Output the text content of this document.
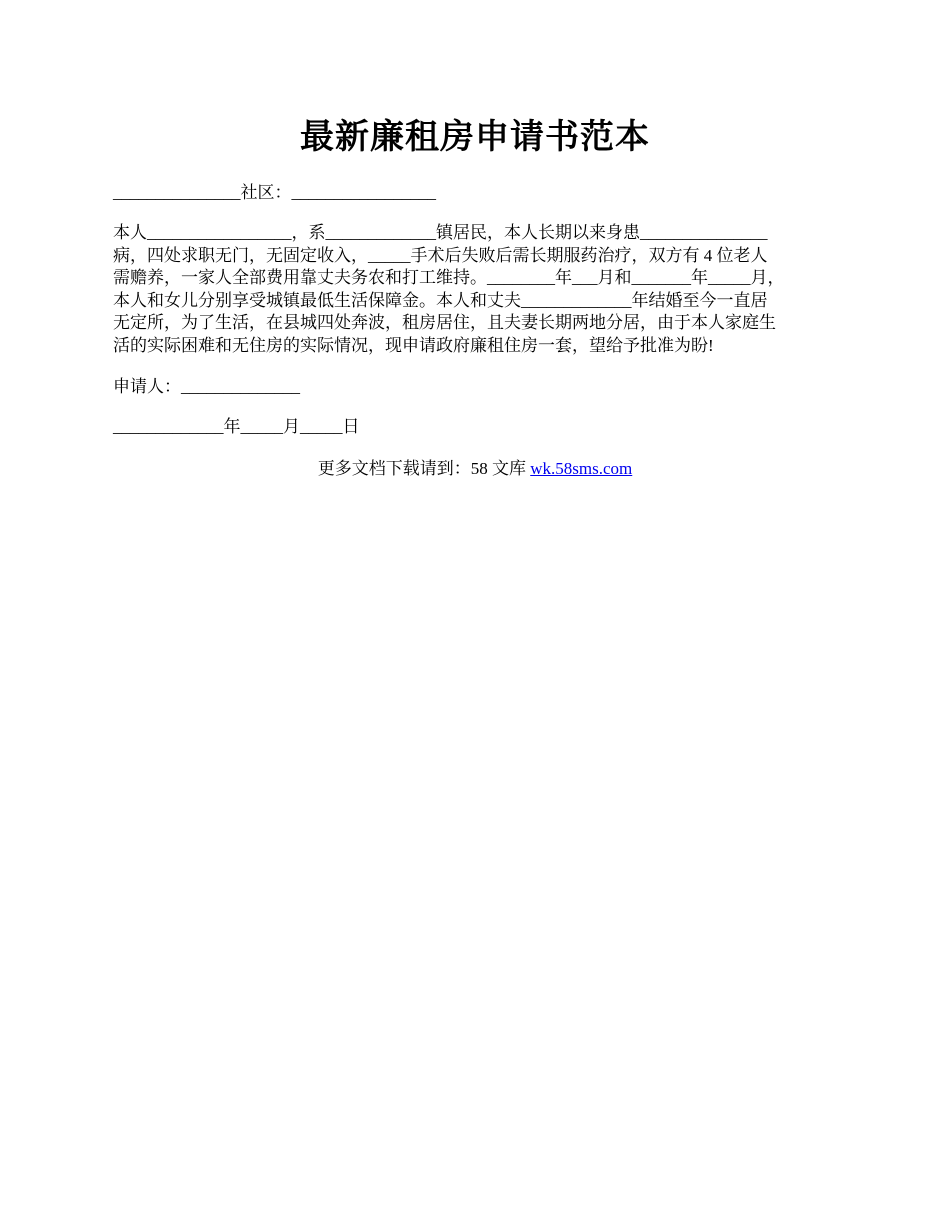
最新廉租房申请书范本
_______________社区：_________________
本人_________________，系_____________镇居民，本人长期以来身患_______________
病，四处求职无门，无固定收入，_____手术后失败后需长期服药治疗，双方有 4 位老人
需赡养，一家人全部费用靠丈夫务农和打工维持。________年___月和_______年_____月，
本人和女儿分别享受城镇最低生活保障金。本人和丈夫_____________年结婚至今一直居
无定所，为了生活，在县城四处奔波，租房居住，且夫妻长期两地分居，由于本人家庭生
活的实际困难和无住房的实际情况，现申请政府廉租住房一套，望给予批准为盼!
申请人：______________
_____________年_____月_____日
更多文档下载请到：58 文库 wk.58sms.com
